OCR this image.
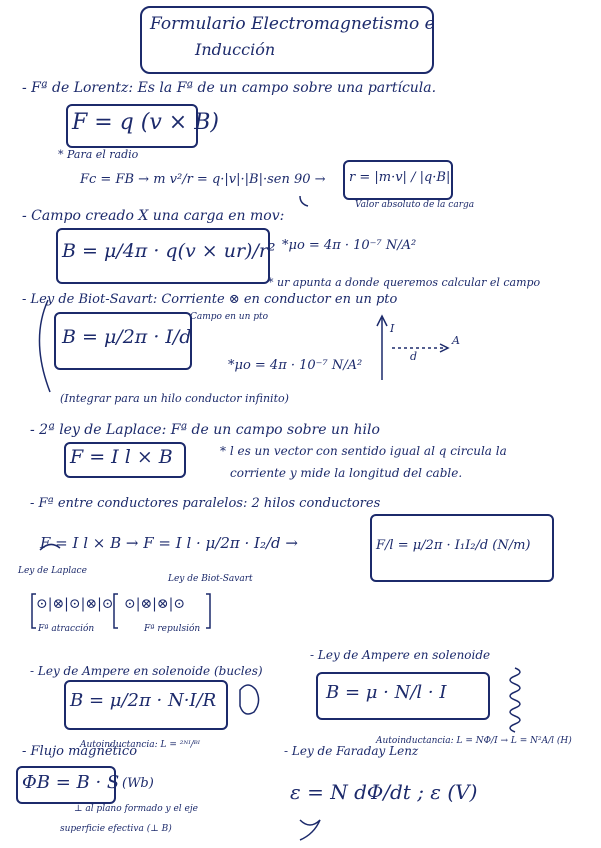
Formulario Electromagnetismo e
Inducción
- Fª de Lorentz: Es la Fª de un campo sobre una partícula.
F = q (v × B)
* Para el radio
Fc = FB → m v²/r = q·|v|·|B|·sen 90 → r = |m·v| / |q·B|
Valor absoluto de la carga
- Campo creado X una carga en mov:
B = μ/4π · q(v × ur)/r² *μo = 4π · 10⁻⁷ N/A²
* ur apunta a donde queremos calcular el campo
- Ley de Biot-Savart: Corriente ⊗ en conductor en un pto
Campo en un pto
B = μ/2π · I/d
*μo = 4π · 10⁻⁷ N/A²
(Integrar para un hilo conductor infinito)
I
d
A
- 2ª ley de Laplace: Fª de un campo sobre un hilo
F = I l × B	* l es un vector con sentido igual al q circula la
corriente y mide la longitud del cable.
- Fª entre conductores paralelos: 2 hilos conductores
F = I l × B → F = I l · μ/2π · I₂/d →	F/l = μ/2π · I₁I₂/d (N/m)
Ley de Laplace
Ley de Biot-Savart
⊙|⊗|⊙|⊗|⊙ ⊙|⊗|⊗|⊙
Fª atracción	Fª repulsión
- Ley de Ampere en solenoide (bucles)
B = μ/2π · N·I/R
Autoinductancia: L = ²ᴺᴵ/ᴮᴵ
- Ley de Ampere en solenoide
B = μ · N/l · I
- Flujo magnético
ΦB = B · S (Wb)
⊥ al plano formado y el eje
superficie efectiva (⊥ B)
- Ley de Faraday Lenz
Autoinductancia: L = NΦ/I → L = N²A/l (H)
ε = N dΦ/dt ; ε (V)
